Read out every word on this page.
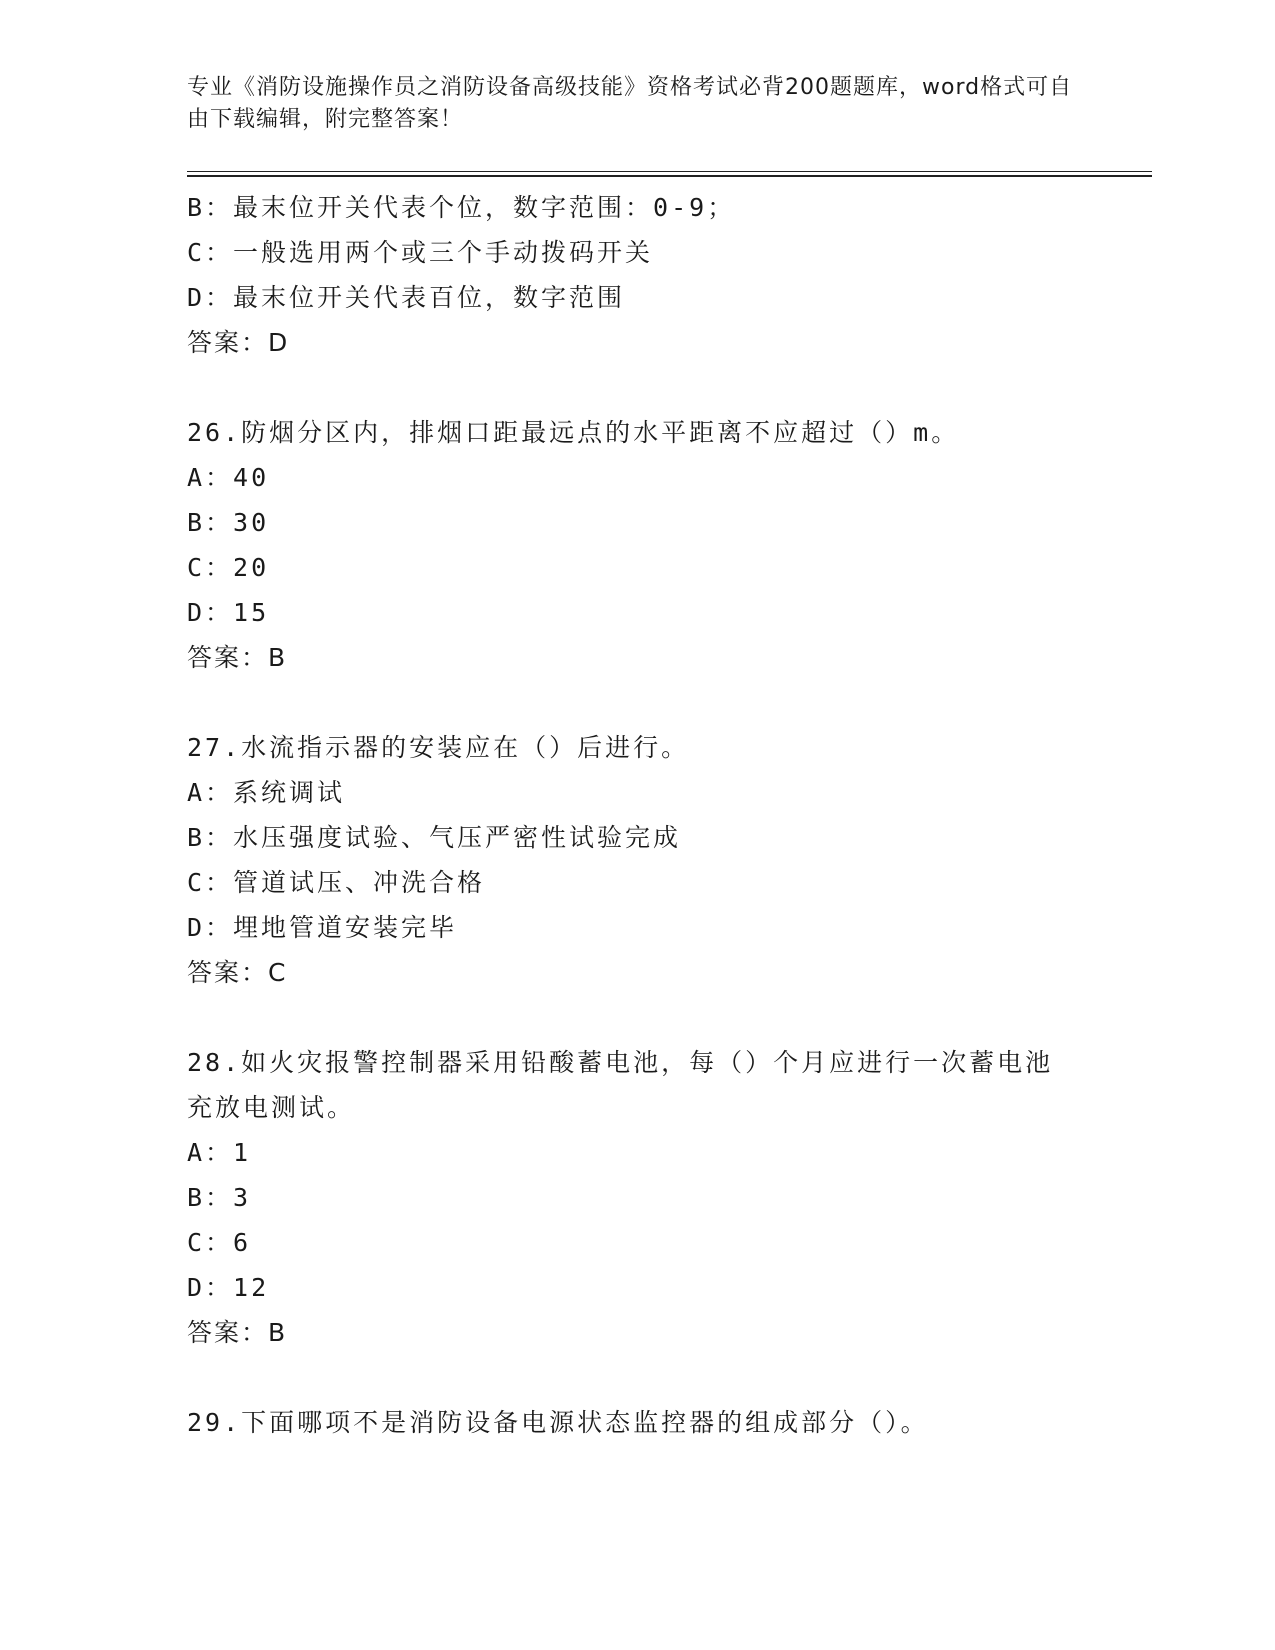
专业《消防设施操作员之消防设备高级技能》资格考试必背200题题库，word格式可自由下载编辑，附完整答案！
B：最末位开关代表个位，数字范围：0-9；
C：一般选用两个或三个手动拨码开关
D：最末位开关代表百位，数字范围
答案：D
26.防烟分区内，排烟口距最远点的水平距离不应超过（）m。
A：40
B：30
C：20
D：15
答案：B
27.水流指示器的安装应在（）后进行。
A：系统调试
B：水压强度试验、气压严密性试验完成
C：管道试压、冲洗合格
D：埋地管道安装完毕
答案：C
28.如火灾报警控制器采用铅酸蓄电池，每（）个月应进行一次蓄电池
充放电测试。
A：1
B：3
C：6
D：12
答案：B
29.下面哪项不是消防设备电源状态监控器的组成部分（）。
